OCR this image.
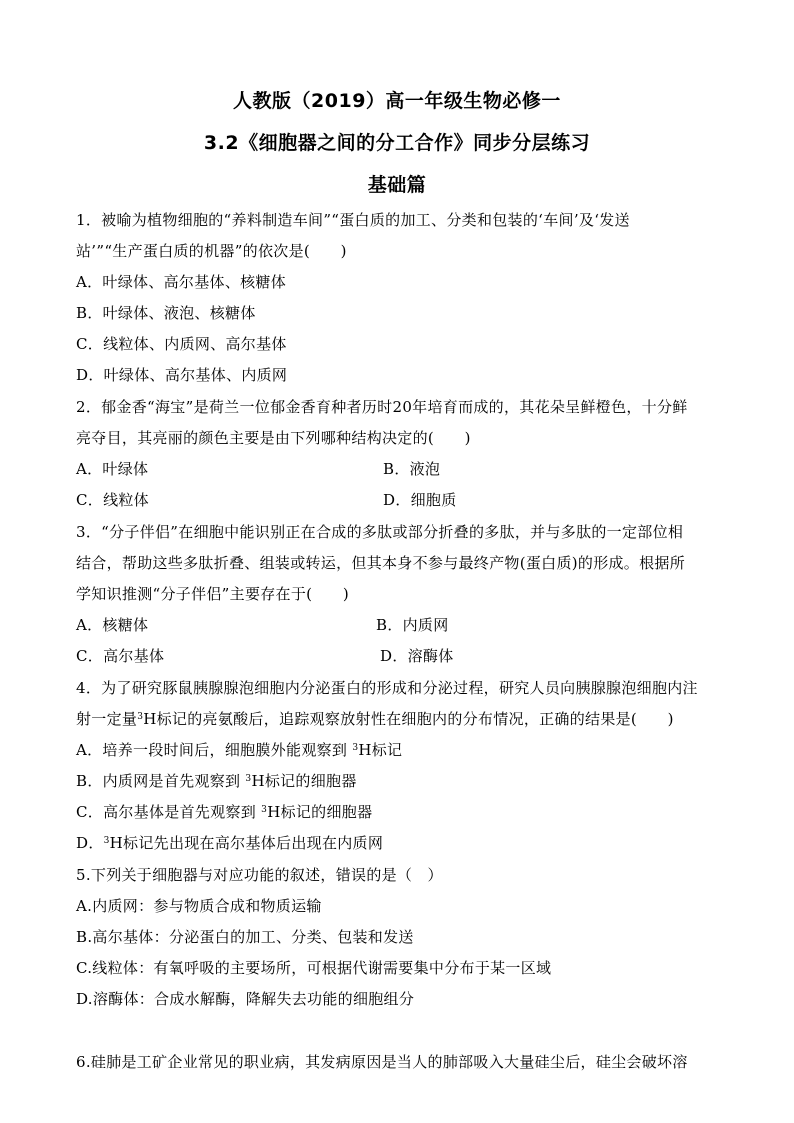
人教版（2019）高一年级生物必修一
3.2《细胞器之间的分工合作》同步分层练习
基础篇
1．被喻为植物细胞的“养料制造车间”“蛋白质的加工、分类和包装的‘车间’及‘发送
站’”“生产蛋白质的机器”的依次是(　　)
A．叶绿体、高尔基体、核糖体
B．叶绿体、液泡、核糖体
C．线粒体、内质网、高尔基体
D．叶绿体、高尔基体、内质网
2．郁金香“海宝”是荷兰一位郁金香育种者历时20年培育而成的，其花朵呈鲜橙色，十分鲜
亮夺目，其亮丽的颜色主要是由下列哪种结构决定的(　　)
A．叶绿体	B．液泡
C．线粒体	D．细胞质
3．“分子伴侣”在细胞中能识别正在合成的多肽或部分折叠的多肽，并与多肽的一定部位相
结合，帮助这些多肽折叠、组装或转运，但其本身不参与最终产物(蛋白质)的形成。根据所
学知识推测“分子伴侣”主要存在于(　　)
A．核糖体	B．内质网
C．高尔基体	D．溶酶体
4．为了研究豚鼠胰腺腺泡细胞内分泌蛋白的形成和分泌过程，研究人员向胰腺腺泡细胞内注
射一定量$^3$H标记的亮氨酸后，追踪观察放射性在细胞内的分布情况，正确的结果是(　　)
A．培养一段时间后，细胞膜外能观察到 $^3$H标记
B．内质网是首先观察到 $^3$H标记的细胞器
C．高尔基体是首先观察到 $^3$H标记的细胞器
D．$^3$H标记先出现在高尔基体后出现在内质网
5.下列关于细胞器与对应功能的叙述，错误的是（　）
A.内质网：参与物质合成和物质运输
B.高尔基体：分泌蛋白的加工、分类、包装和发送
C.线粒体：有氧呼吸的主要场所，可根据代谢需要集中分布于某一区域
D.溶酶体：合成水解酶，降解失去功能的细胞组分
6.硅肺是工矿企业常见的职业病，其发病原因是当人的肺部吸入大量硅尘后，硅尘会破坏溶
